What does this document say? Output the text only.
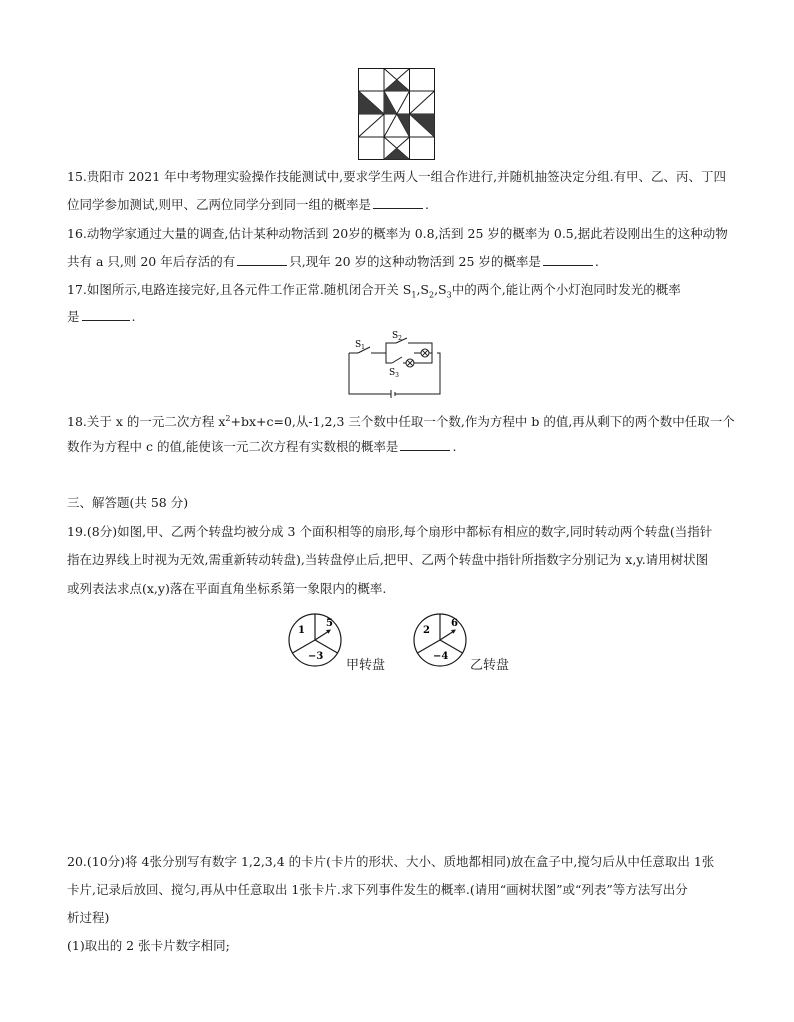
15.贵阳市 2021 年中考物理实验操作技能测试中,要求学生两人一组合作进行,并随机抽签决定分组.有甲、乙、丙、丁四
位同学参加测试,则甲、乙两位同学分到同一组的概率是	.
16.动物学家通过大量的调查,估计某种动物活到 20岁的概率为 0.8,活到 25 岁的概率为 0.5,据此若设刚出生的这种动物
共有 a 只,则 20 年后存活的有	只,现年 20 岁的这种动物活到 25 岁的概率是	.
17.如图所示,电路连接完好,且各元件工作正常.随机闭合开关 $S_1,S_2,S_3$中的两个,能让两个小灯泡同时发光的概率
是	.
$S_1$
$S_2$
$S_3$
18.关于 x 的一元二次方程 $x^2+bx+c=0$,从-1,2,3 三个数中任取一个数,作为方程中 b 的值,再从剩下的两个数中任取一个
数作为方程中 c 的值,能使该一元二次方程有实数根的概率是	.
三、解答题(共 58 分)
19.(8分)如图,甲、乙两个转盘均被分成 3 个面积相等的扇形,每个扇形中都标有相应的数字,同时转动两个转盘(当指针
指在边界线上时视为无效,需重新转动转盘),当转盘停止后,把甲、乙两个转盘中指针所指数字分别记为 x,y.请用树状图
或列表法求点(x,y)落在平面直角坐标系第一象限内的概率.
1
5
−3
甲转盘
2
6
−4
乙转盘
20.(10分)将 4张分别写有数字 1,2,3,4 的卡片(卡片的形状、大小、质地都相同)放在盒子中,搅匀后从中任意取出 1张
卡片,记录后放回、搅匀,再从中任意取出 1张卡片.求下列事件发生的概率.(请用“画树状图”或“列表”等方法写出分
析过程)
(1)取出的 2 张卡片数字相同;
